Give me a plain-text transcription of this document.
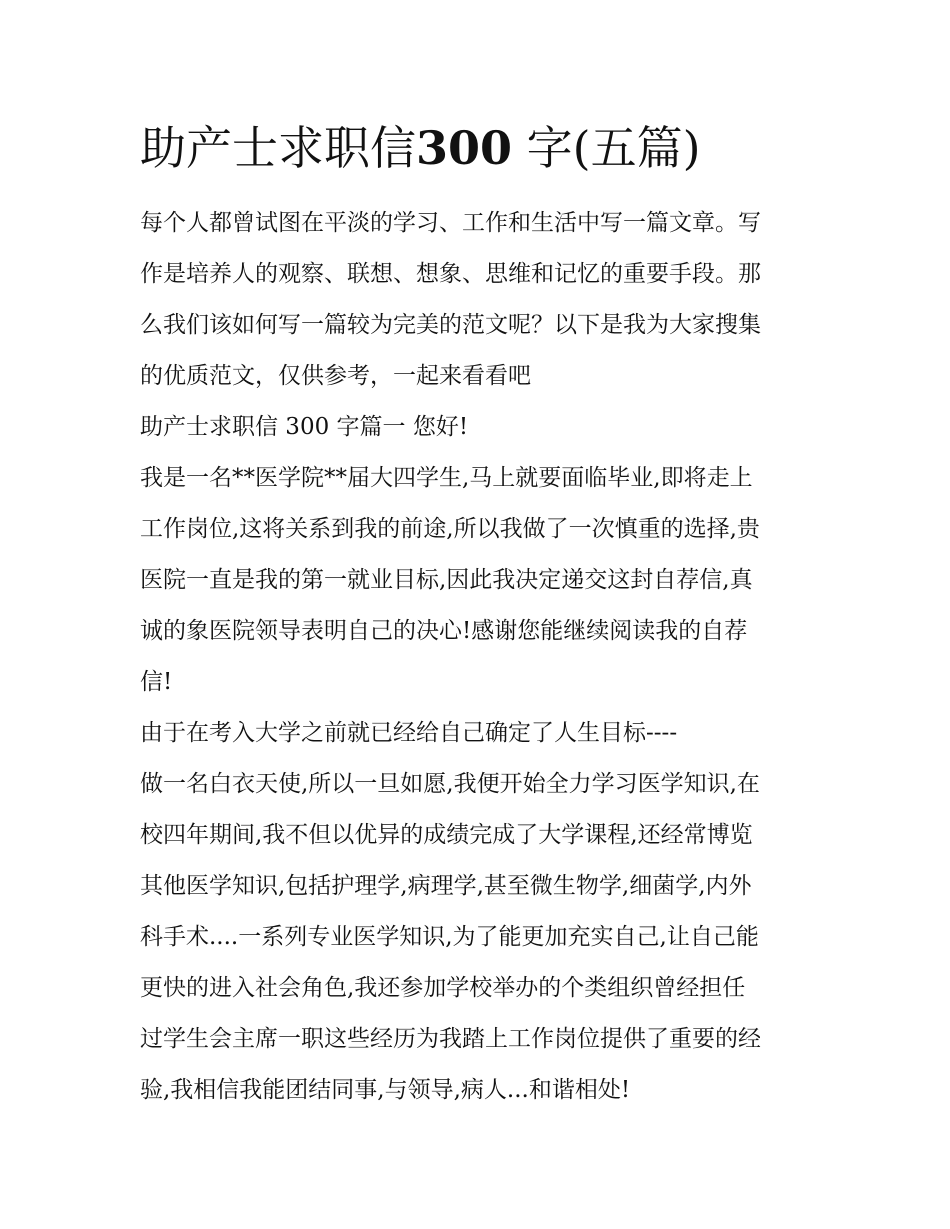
助产士求职信300 字(五篇)
每个人都曾试图在平淡的学习、工作和生活中写一篇文章。写
作是培养人的观察、联想、想象、思维和记忆的重要手段。那
么我们该如何写一篇较为完美的范文呢？以下是我为大家搜集
的优质范文，仅供参考，一起来看看吧
助产士求职信 300 字篇一 您好!
我是一名**医学院**届大四学生,马上就要面临毕业,即将走上
工作岗位,这将关系到我的前途,所以我做了一次慎重的选择,贵
医院一直是我的第一就业目标,因此我决定递交这封自荐信,真
诚的象医院领导表明自己的决心!感谢您能继续阅读我的自荐
信!
由于在考入大学之前就已经给自己确定了人生目标----
做一名白衣天使,所以一旦如愿,我便开始全力学习医学知识,在
校四年期间,我不但以优异的成绩完成了大学课程,还经常博览
其他医学知识,包括护理学,病理学,甚至微生物学,细菌学,内外
科手术....一系列专业医学知识,为了能更加充实自己,让自己能
更快的进入社会角色,我还参加学校举办的个类组织曾经担任
过学生会主席一职这些经历为我踏上工作岗位提供了重要的经
验,我相信我能团结同事,与领导,病人...和谐相处!
